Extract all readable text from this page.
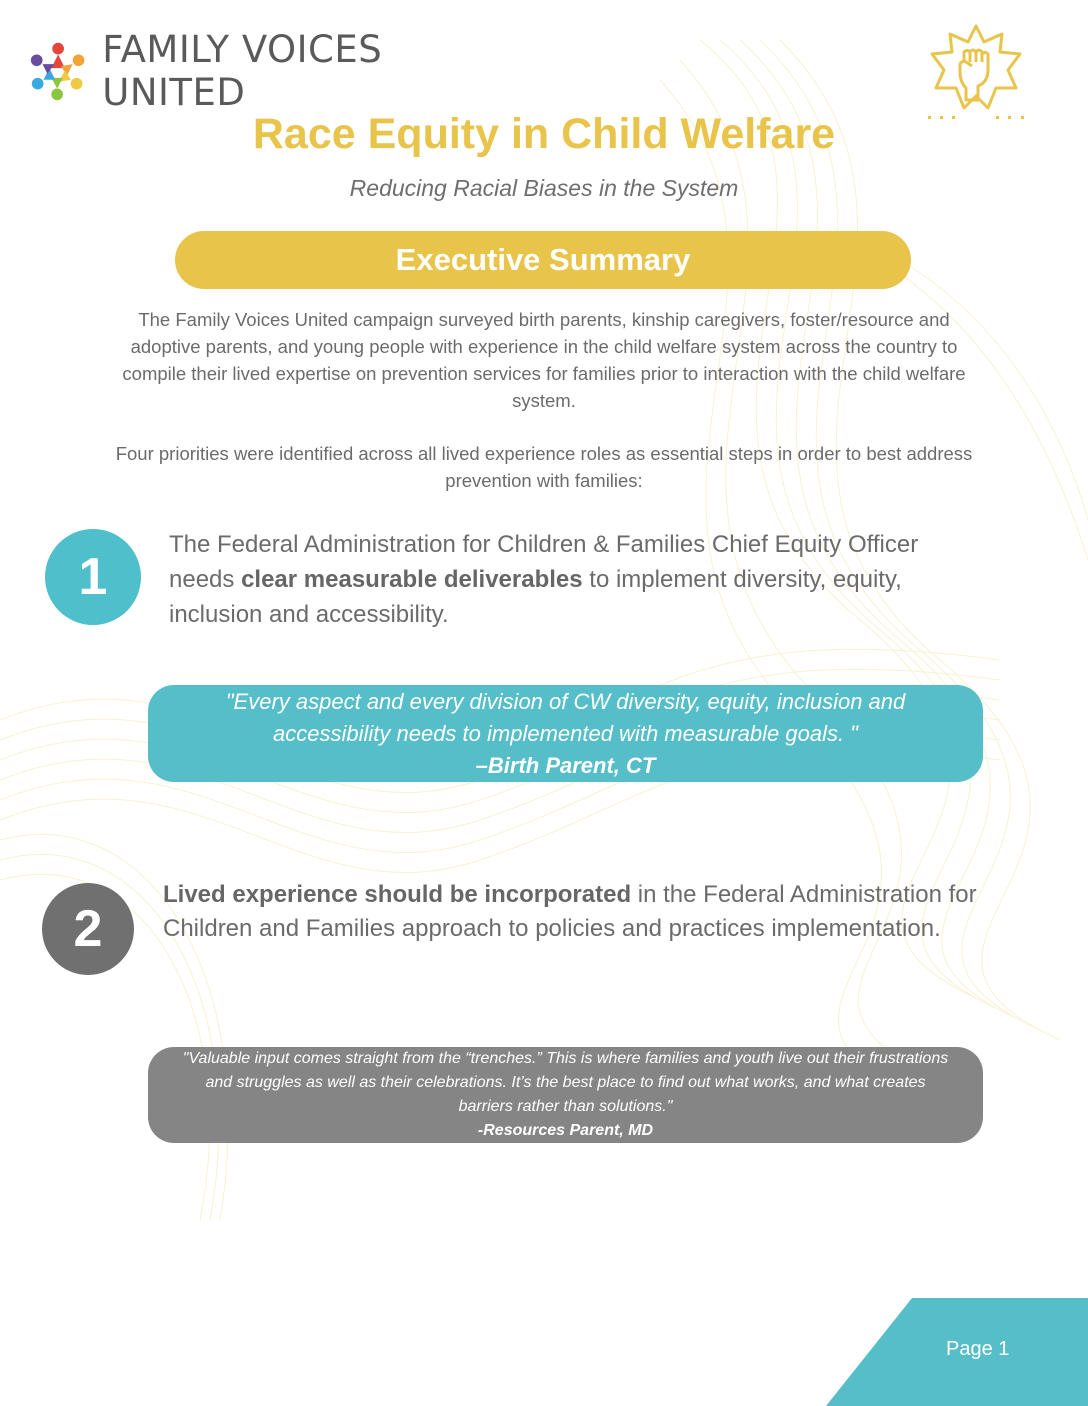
FAMILY VOICES UNITED
Race Equity in Child Welfare
Reducing Racial Biases in the System
Executive Summary

The Family Voices United campaign surveyed birth parents, kinship caregivers, foster/resource and adoptive parents, and young people with experience in the child welfare system across the country to compile their lived expertise on prevention services for families prior to interaction with the child welfare system.

Four priorities were identified across all lived experience roles as essential steps in order to best address prevention with families:

1
The Federal Administration for Children & Families Chief Equity Officer needs clear measurable deliverables to implement diversity, equity, inclusion and accessibility.
"Every aspect and every division of CW diversity, equity, inclusion and
accessibility needs to implemented with measurable goals. "
–Birth Parent, CT
2
Lived experience should be incorporated in the Federal Administration for Children and Families approach to policies and practices implementation.
"Valuable input comes straight from the “trenches.” This is where families and youth live out their frustrations
and struggles as well as their celebrations. It’s the best place to find out what works, and what creates
barriers rather than solutions."
-Resources Parent, MD
Page 1
